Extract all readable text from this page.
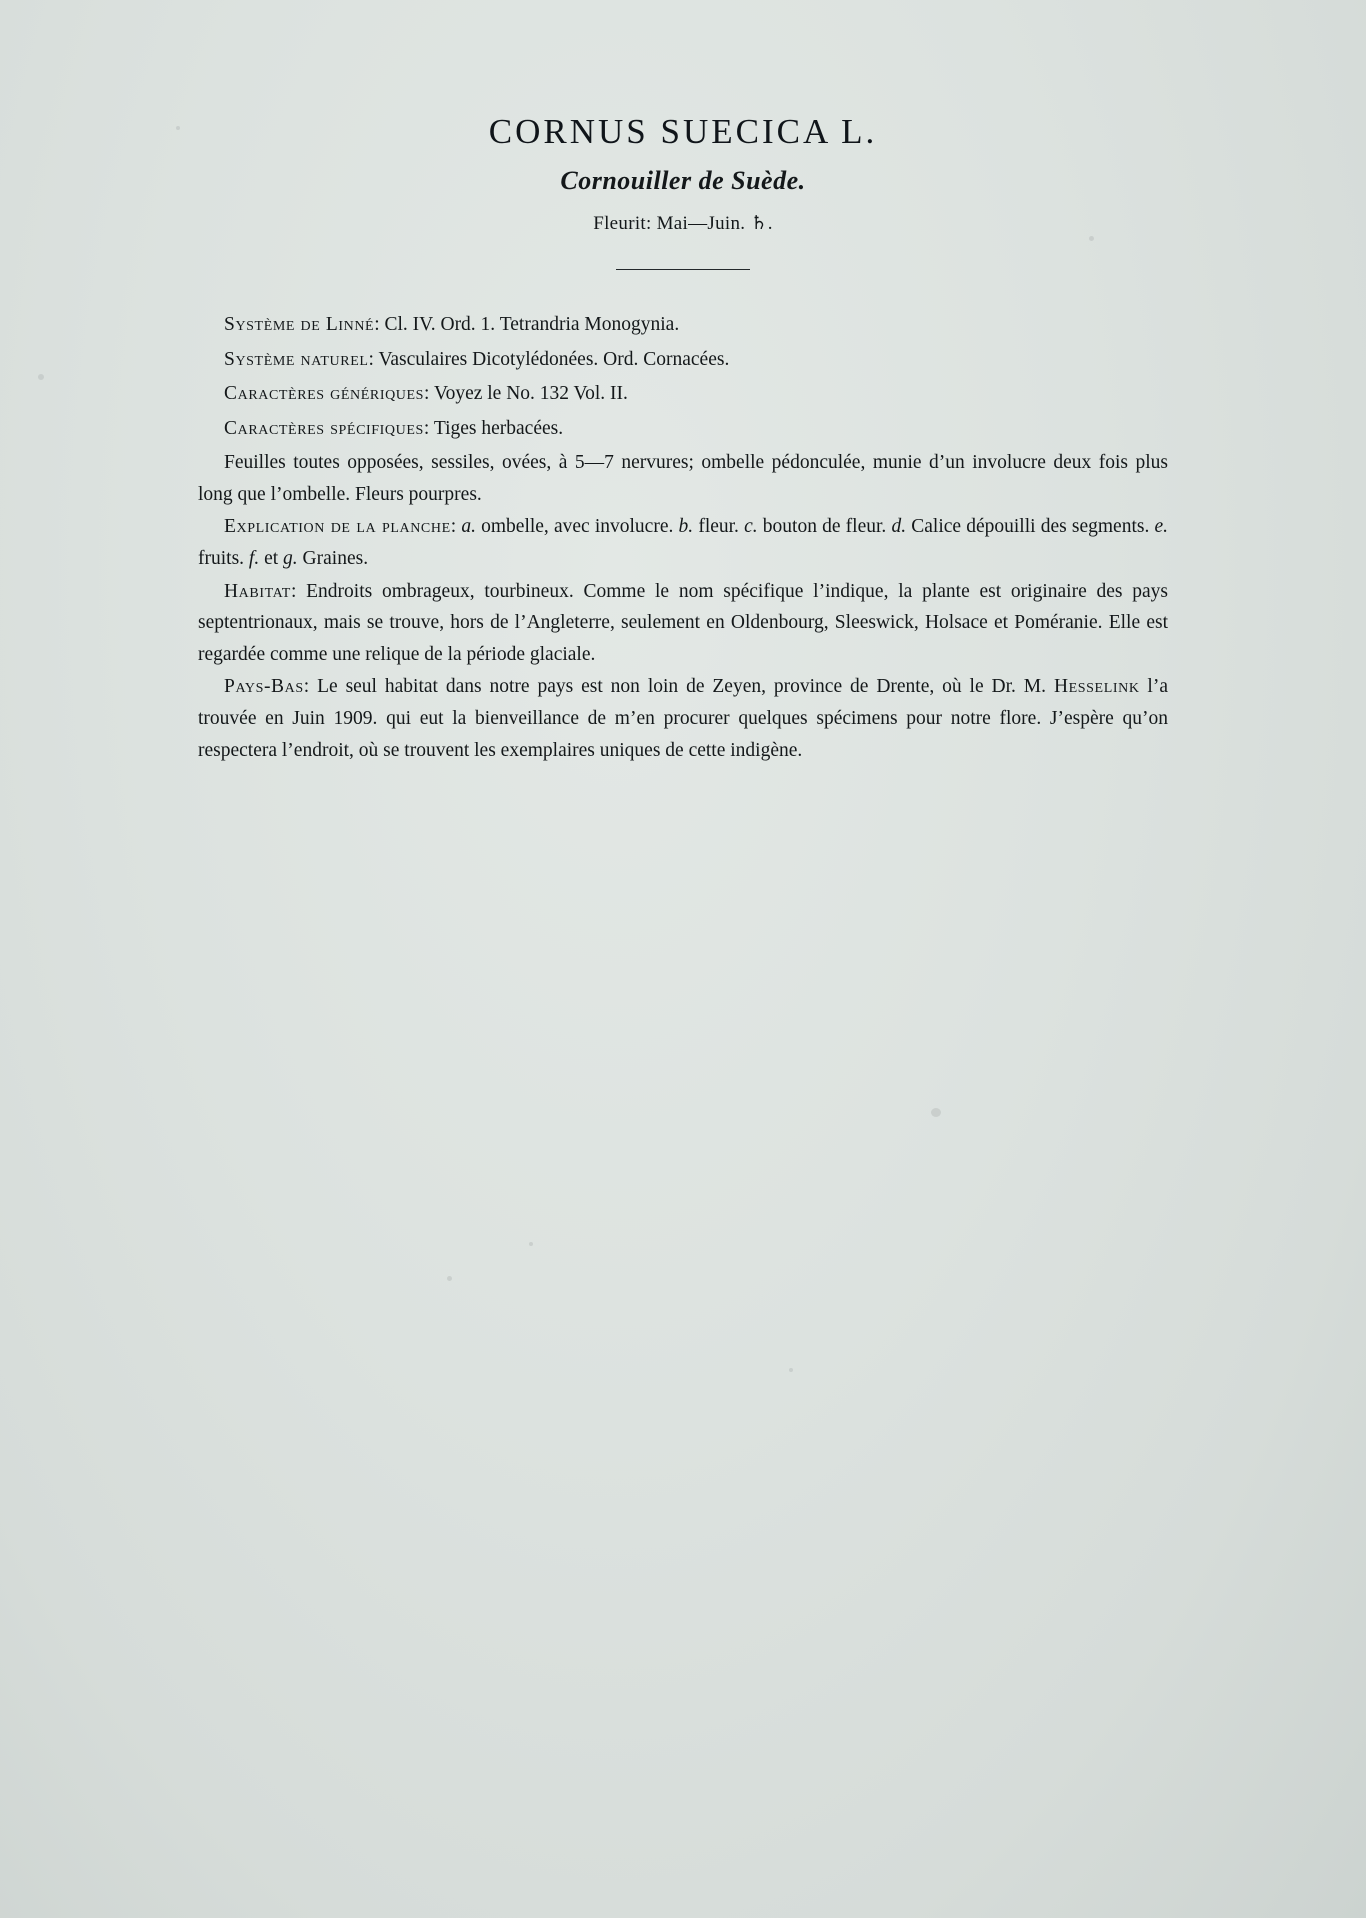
CORNUS SUECICA L.
Cornouiller de Suède.
Fleurit: Mai—Juin. ♄.

Système de Linné: Cl. IV. Ord. 1. Tetrandria Monogynia.

Système naturel: Vasculaires Dicotylédonées. Ord. Cornacées.

Caractères génériques: Voyez le No. 132 Vol. II.

Caractères spécifiques: Tiges herbacées.

Feuilles toutes opposées, sessiles, ovées, à 5—7 nervures; ombelle pédonculée, munie d’un involucre deux fois plus long que l’ombelle. Fleurs pourpres.

Explication de la planche: a. ombelle, avec involucre. b. fleur. c. bouton de fleur. d. Calice dépouilli des segments. e. fruits. f. et g. Graines.

Habitat: Endroits ombrageux, tourbineux. Comme le nom spécifique l’indique, la plante est originaire des pays septentrionaux, mais se trouve, hors de l’Angleterre, seulement en Oldenbourg, Sleeswick, Holsace et Poméranie. Elle est regardée comme une relique de la période glaciale.

Pays-Bas: Le seul habitat dans notre pays est non loin de Zeyen, province de Drente, où le Dr. M. Hesselink l’a trouvée en Juin 1909. qui eut la bienveillance de m’en procurer quelques spécimens pour notre flore. J’espère qu’on respectera l’endroit, où se trouvent les exemplaires uniques de cette indigène.
